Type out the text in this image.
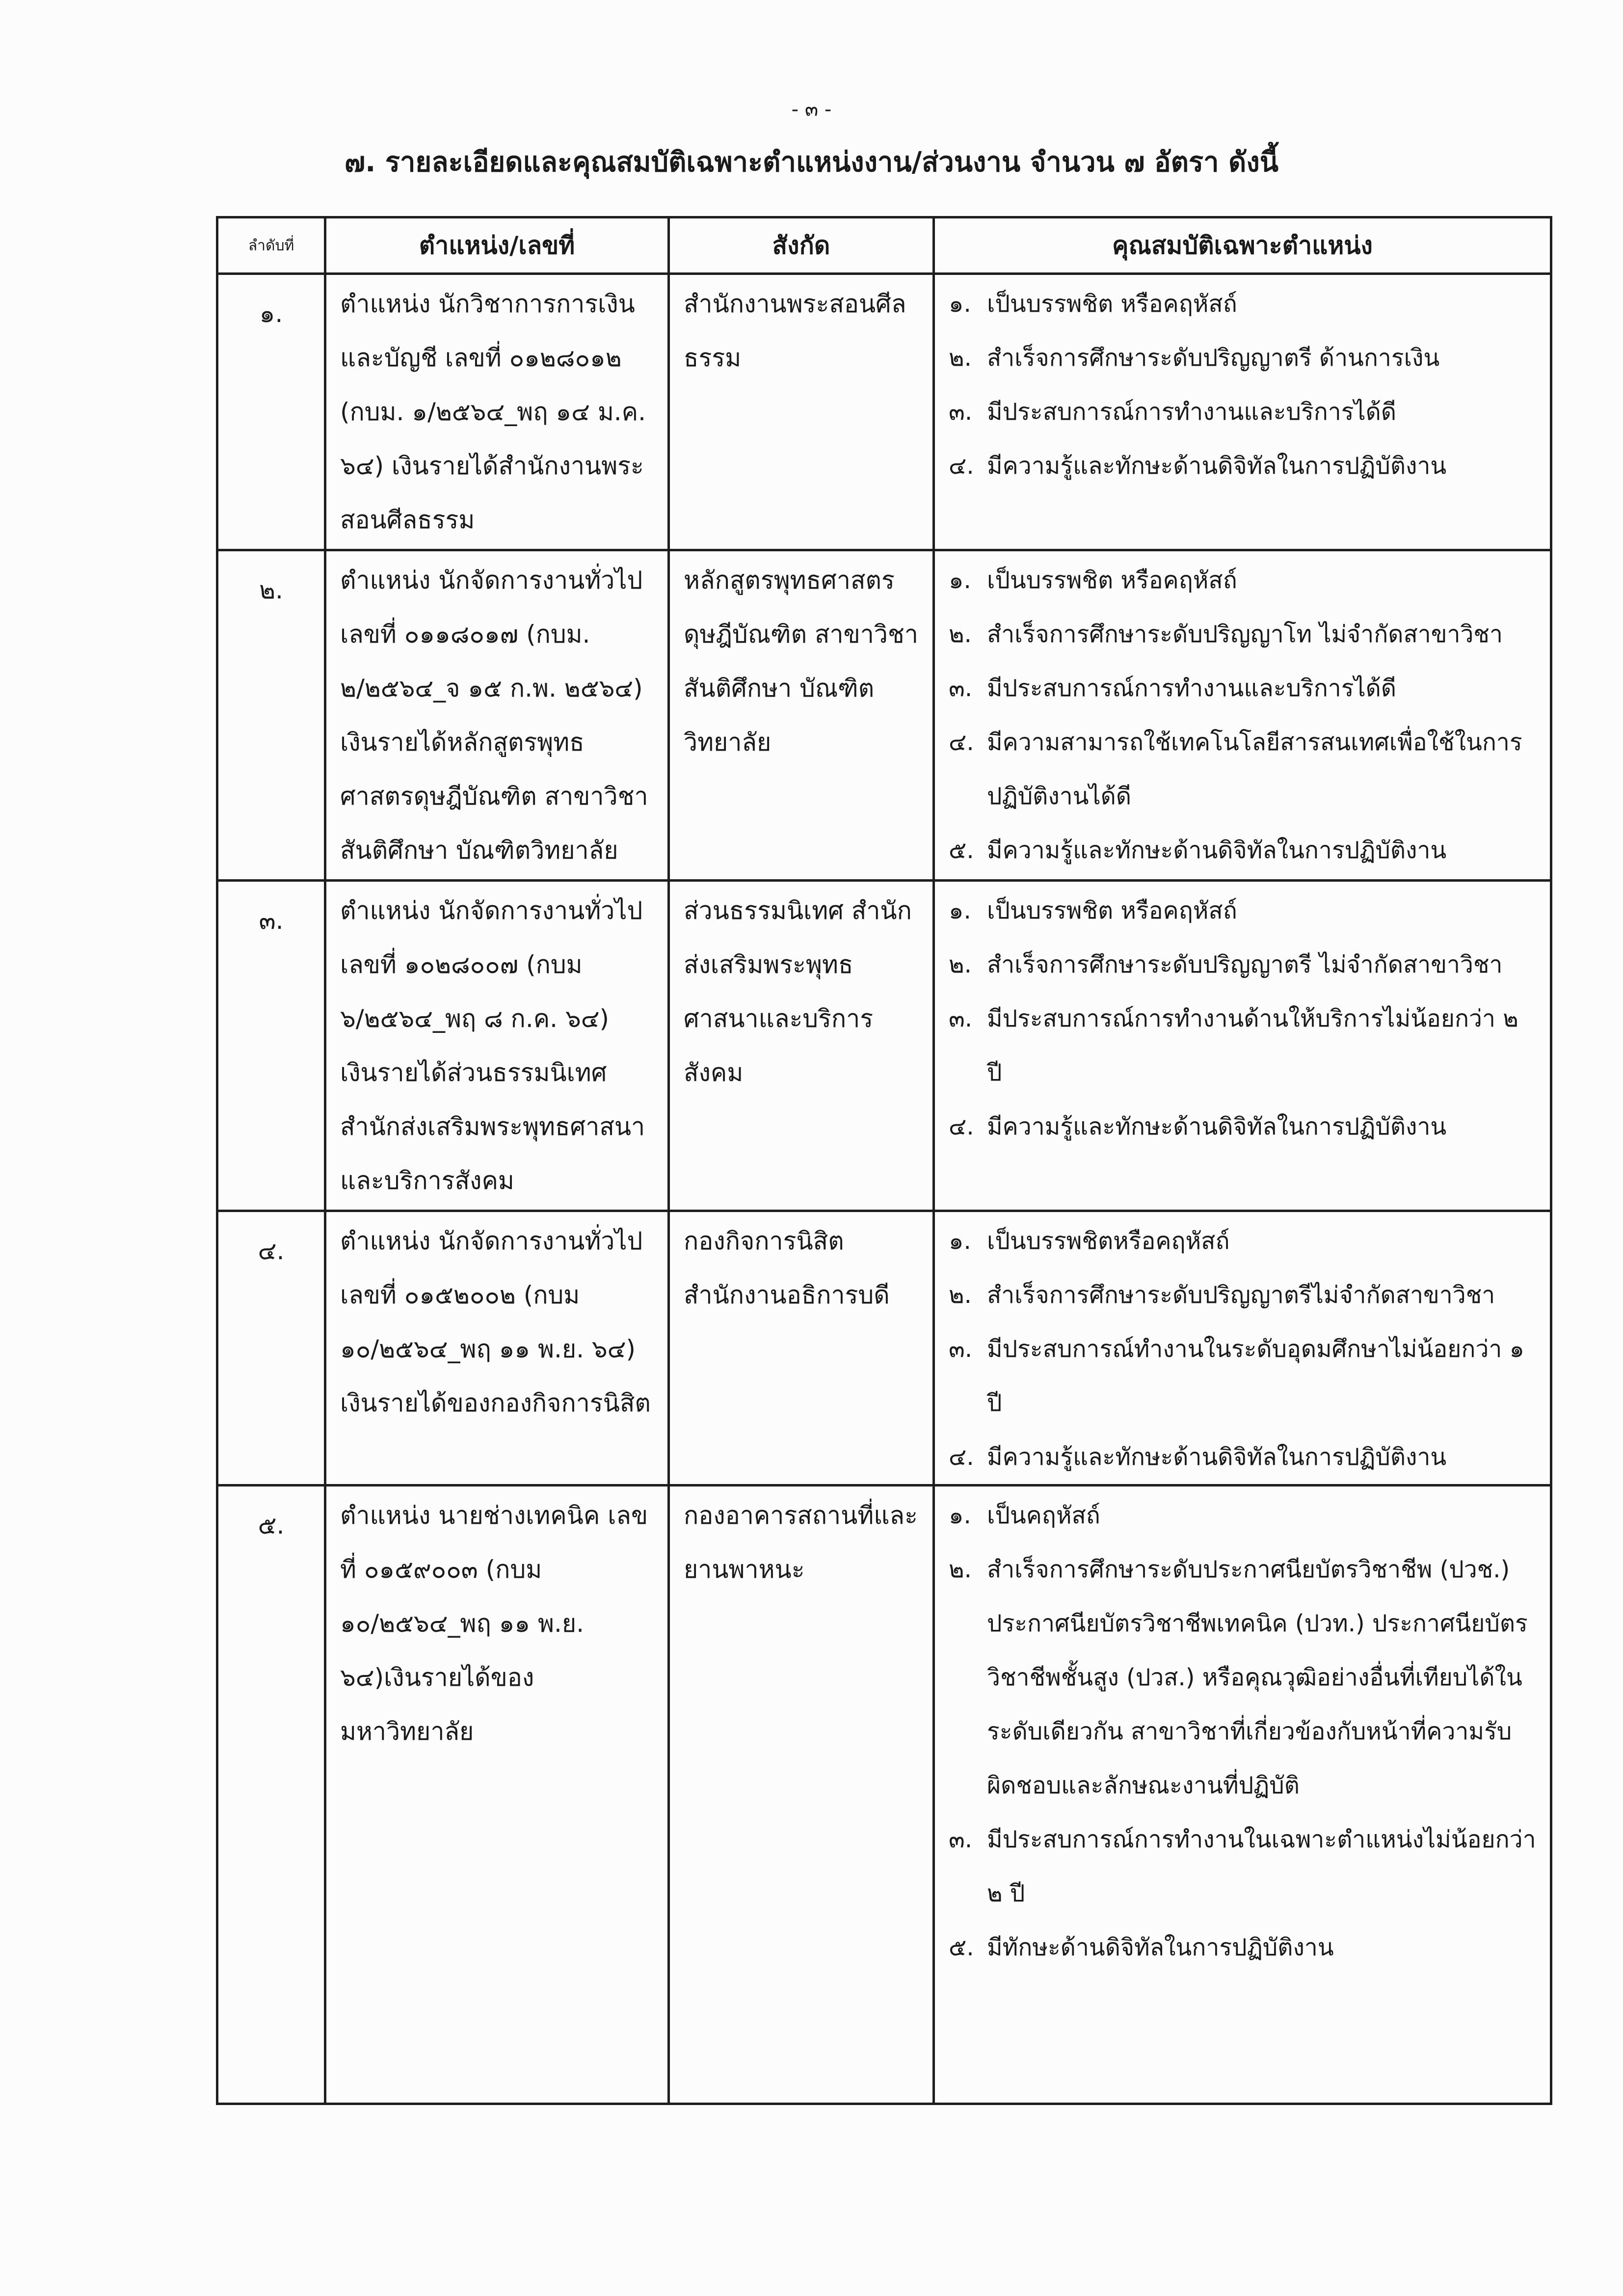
- ๓ -
๗. รายละเอียดและคุณสมบัติเฉพาะตำแหน่งงาน/ส่วนงาน จำนวน ๗ อัตรา ดังนี้
ลำดับที่	ตำแหน่ง/เลขที่	สังกัด	คุณสมบัติเฉพาะตำแหน่ง
๑.	ตำแหน่ง นักวิชาการการเงินและบัญชี เลขที่ ๐๑๒๘๐๑๒ (กบม. ๑/๒๕๖๔_พฤ ๑๔ ม.ค. ๖๔) เงินรายได้สำนักงานพระสอนศีลธรรม	สำนักงานพระสอนศีลธรรม	๑. เป็นบรรพชิต หรือคฤหัสถ์
๒. สำเร็จการศึกษาระดับปริญญาตรี ด้านการเงิน
๓. มีประสบการณ์การทำงานและบริการได้ดี
๔. มีความรู้และทักษะด้านดิจิทัลในการปฏิบัติงาน

๒.	ตำแหน่ง นักจัดการงานทั่วไป เลขที่ ๐๑๑๘๐๑๗ (กบม. ๒/๒๕๖๔_จ ๑๕ ก.พ. ๒๕๖๔) เงินรายได้หลักสูตรพุทธศาสตรดุษฎีบัณฑิต สาขาวิชาสันติศึกษา บัณฑิตวิทยาลัย	หลักสูตรพุทธศาสตรดุษฎีบัณฑิต สาขาวิชาสันติศึกษา บัณฑิตวิทยาลัย	๑. เป็นบรรพชิต หรือคฤหัสถ์
๒. สำเร็จการศึกษาระดับปริญญาโท ไม่จำกัดสาขาวิชา
๓. มีประสบการณ์การทำงานและบริการได้ดี
๔. มีความสามารถใช้เทคโนโลยีสารสนเทศเพื่อใช้ในการปฏิบัติงานได้ดี
๕. มีความรู้และทักษะด้านดิจิทัลในการปฏิบัติงาน

๓.	ตำแหน่ง นักจัดการงานทั่วไป เลขที่ ๑๐๒๘๐๐๗ (กบม ๖/๒๕๖๔_พฤ ๘ ก.ค. ๖๔) เงินรายได้ส่วนธรรมนิเทศ สำนักส่งเสริมพระพุทธศาสนาและบริการสังคม	ส่วนธรรมนิเทศ สำนักส่งเสริมพระพุทธศาสนาและบริการสังคม	๑. เป็นบรรพชิต หรือคฤหัสถ์
๒. สำเร็จการศึกษาระดับปริญญาตรี ไม่จำกัดสาขาวิชา
๓. มีประสบการณ์การทำงานด้านให้บริการไม่น้อยกว่า ๒ ปี
๔. มีความรู้และทักษะด้านดิจิทัลในการปฏิบัติงาน

๔.	ตำแหน่ง นักจัดการงานทั่วไป เลขที่ ๐๑๕๒๐๐๒ (กบม ๑๐/๒๕๖๔_พฤ ๑๑ พ.ย. ๖๔) เงินรายได้ของกองกิจการนิสิต	กองกิจการนิสิต สำนักงานอธิการบดี	๑. เป็นบรรพชิตหรือคฤหัสถ์
๒. สำเร็จการศึกษาระดับปริญญาตรีไม่จำกัดสาขาวิชา
๓. มีประสบการณ์ทำงานในระดับอุดมศึกษาไม่น้อยกว่า ๑ ปี
๔. มีความรู้และทักษะด้านดิจิทัลในการปฏิบัติงาน

๕.	ตำแหน่ง นายช่างเทคนิค เลขที่ ๐๑๕๙๐๐๓ (กบม ๑๐/๒๕๖๔_พฤ ๑๑ พ.ย. ๖๔)เงินรายได้ของมหาวิทยาลัย	กองอาคารสถานที่และยานพาหนะ	๑. เป็นคฤหัสถ์
๒. สำเร็จการศึกษาระดับประกาศนียบัตรวิชาชีพ (ปวช.) ประกาศนียบัตรวิชาชีพเทคนิค (ปวท.) ประกาศนียบัตรวิชาชีพชั้นสูง (ปวส.) หรือคุณวุฒิอย่างอื่นที่เทียบได้ในระดับเดียวกัน สาขาวิชาที่เกี่ยวข้องกับหน้าที่ความรับผิดชอบและลักษณะงานที่ปฏิบัติ
๓. มีประสบการณ์การทำงานในเฉพาะตำแหน่งไม่น้อยกว่า ๒ ปี
๕. มีทักษะด้านดิจิทัลในการปฏิบัติงาน
